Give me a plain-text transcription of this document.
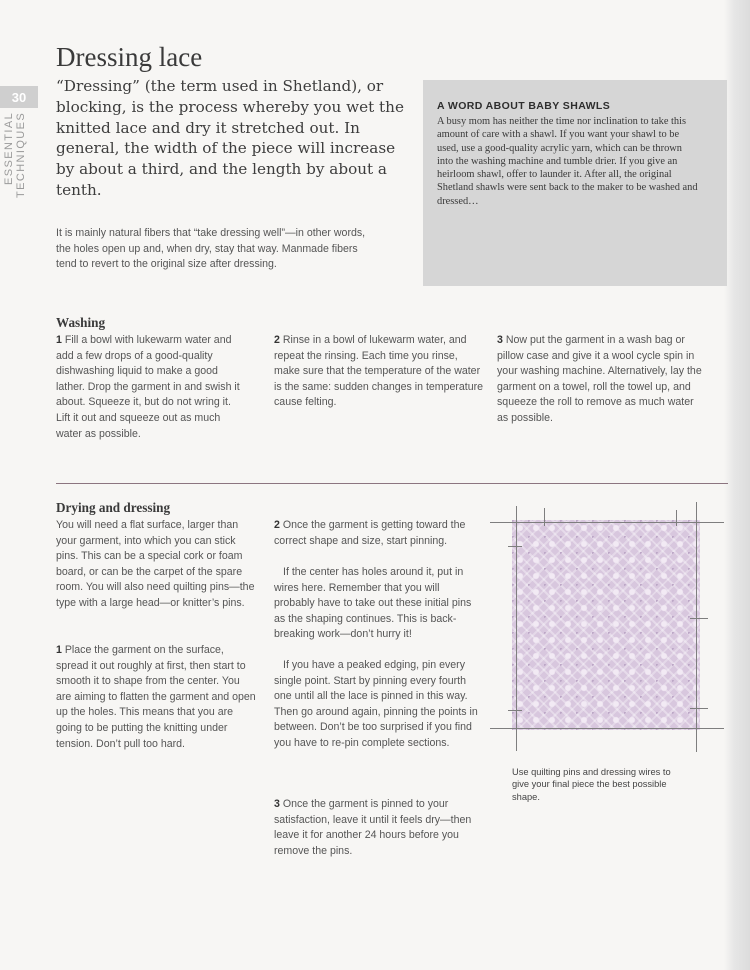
30
ESSENTIAL TECHNIQUES
Dressing lace

“Dressing” (the term used in Shetland), or blocking, is the process whereby you wet the knitted lace and dry it stretched out. In general, the width of the piece will increase by about a third, and the length by about a tenth.

It is mainly natural fibers that “take dressing well”—in other words, the holes open up and, when dry, stay that way. Manmade fibers tend to revert to the original size after dressing.

A WORD ABOUT BABY SHAWLS

A busy mom has neither the time nor inclination to take this amount of care with a shawl. If you want your shawl to be used, use a good-quality acrylic yarn, which can be thrown into the washing machine and tumble drier. If you give an heirloom shawl, offer to launder it. After all, the original Shetland shawls were sent back to the maker to be washed and dressed…

Washing

1 Fill a bowl with lukewarm water and add a few drops of a good-quality dishwashing liquid to make a good lather. Drop the garment in and swish it about. Squeeze it, but do not wring it. Lift it out and squeeze out as much water as possible.

2 Rinse in a bowl of lukewarm water, and repeat the rinsing. Each time you rinse, make sure that the temperature of the water is the same: sudden changes in temperature cause felting.

3 Now put the garment in a wash bag or pillow case and give it a wool cycle spin in your washing machine. Alternatively, lay the garment on a towel, roll the towel up, and squeeze the roll to remove as much water as possible.

Drying and dressing

You will need a flat surface, larger than your garment, into which you can stick pins. This can be a special cork or foam board, or can be the carpet of the spare room. You will also need quilting pins—the type with a large head—or knitter’s pins.

1 Place the garment on the surface, spread it out roughly at first, then start to smooth it to shape from the center. You are aiming to flatten the garment and open up the holes. This means that you are going to be putting the knitting under tension. Don’t pull too hard.

2 Once the garment is getting toward the correct shape and size, start pinning.

If the center has holes around it, put in wires here. Remember that you will probably have to take out these initial pins as the shaping continues. This is back-breaking work—don’t hurry it!

If you have a peaked edging, pin every single point. Start by pinning every fourth one until all the lace is pinned in this way. Then go around again, pinning the points in between. Don’t be too surprised if you find you have to re-pin complete sections.

3 Once the garment is pinned to your satisfaction, leave it until it feels dry—then leave it for another 24 hours before you remove the pins.

Use quilting pins and dressing wires to give your final piece the best possible shape.
